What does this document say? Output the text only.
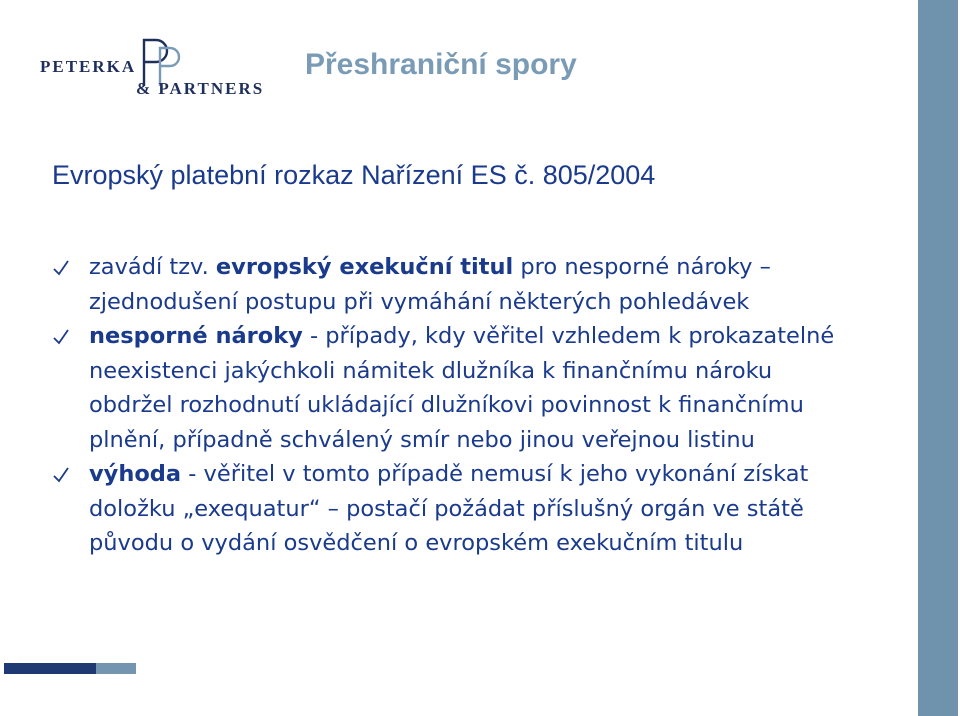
PETERKA
& PARTNERS
Přeshraniční spory
Evropský platební rozkaz Nařízení ES č. 805/2004
zavádí tzv. evropský exekuční titul pro nesporné nároky – zjednodušení postupu při vymáhání některých pohledávek
nesporné nároky - případy, kdy věřitel vzhledem k prokazatelné neexistenci jakýchkoli námitek dlužníka k finančnímu nároku obdržel rozhodnutí ukládající dlužníkovi povinnost k finančnímu plnění, případně schválený smír nebo jinou veřejnou listinu
výhoda - věřitel v tomto případě nemusí k jeho vykonání získat doložku „exequatur“ – postačí požádat příslušný orgán ve státě původu o vydání osvědčení o evropském exekučním titulu
